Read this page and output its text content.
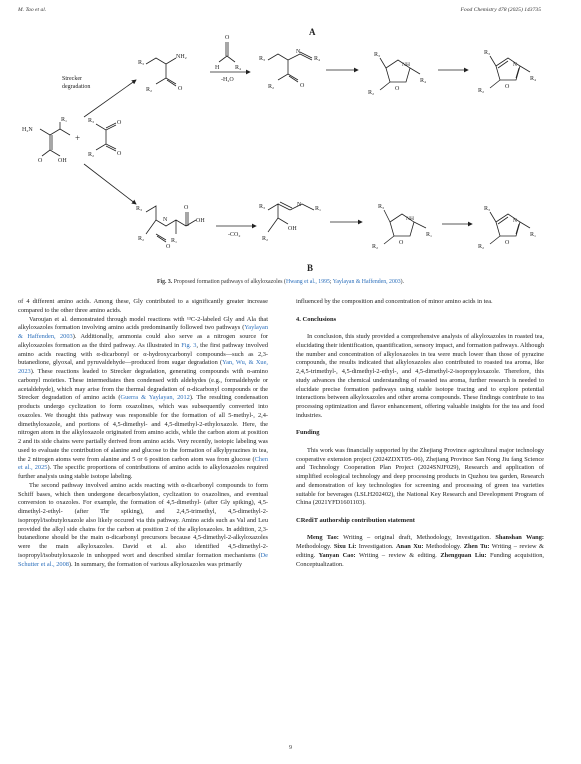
M. Tao et al.	Food Chemistry 478 (2025) 143735
A
H₂N
R₁
OH
O
+
R₃
R₂
O
O
Strecker
degradation
R₃
NH₂
R₂	O
O
H	R₄
-H₂O
R₃
N
R₄
R₂	O
R₃
NH
O
R₂
R₄
R₃
N
O
R₂
R₄
R₃
N	OH
O
R₁
R₂
O
-CO₂
R₃	N
R₁
R₂
OH
R₃
NH
O
R₂
R₁
R₃
N
O
R₂
R₁
B
Fig. 3. Proposed formation pathways of alkyloxazoles (Hwang et al., 1995; Yaylayan & Haffenden, 2003).

of 4 different amino acids. Among these, Gly contributed to a significantly greater increase compared to the other three amino acids.

Varoujan et al. demonstrated through model reactions with ¹³C-2-labeled Gly and Ala that alkyloxazoles formation involving amino acids predominantly followed two pathways (Yaylayan & Haffenden, 2003). Additionally, ammonia could also serve as a nitrogen source for alkyloxazoles formation as the third pathway. As illustrated in Fig. 3, the first pathway involved amino acids reacting with α-dicarbonyl or α-hydroxycarbonyl compounds—such as 2,3-butanedione, glyoxal, and pyruvaldehyde—produced from sugar degradation (Yan, Wu, & Xue, 2023). These reactions leaded to Strecker degradation, generating compounds with α-amino carbonyl moieties. These intermediates then condensed with aldehydes (e.g., formaldehyde or acetaldehyde), which may arise from the thermal degradation of α-dicarbonyl compounds or the Strecker degradation of amino acids (Guerra & Yaylayan, 2012). The resulting condensation products undergo cyclization to form oxazolines, which was subsequently converted into oxazoles. We thought this pathway was responsible for the formation of all 5-methyl-, 2,4-dimethyloxazole, and portions of 4,5-dimethyl- and 4,5-dimethyl-2-ethyloxazole. Here, the nitrogen atom in the alkyloxazole originated from amino acids, while the carbon atom at position 2 and its side chains were partially derived from amino acids. Very recently, isotopic labeling was used to evaluate the contribution of alanine and glucose to the formation of alkylpyrazines in tea, the 2 nitrogen atoms were from alanine and 5 or 6 position carbon atom was from glucose (Chen et al., 2025). The specific proportions of contributions of amino acids to alkyloxazoles required further analysis using stable isotope labeling.

The second pathway involved amino acids reacting with α-dicarbonyl compounds to form Schiff bases, which then undergone decarboxylation, cyclization to oxazolines, and eventual conversion to oxazoles. For example, the formation of 4,5-dimethyl- (after Gly spiking), 4,5-dimethyl-2-ethyl- (after Thr spiking), and 2,4,5-trimethyl, 4,5-dimethyl-2-isopropyl/isobutyloxazole also likely occured via this pathway. Amino acids such as Val and Leu provided the alkyl side chains for the carbon at position 2 of the alkyloxazoles. In addition, 2,3-butanedione should be the main α-dicarbonyl precursors because 4,5-dimethyl-2-alkyloxazoles were the main alkyloxazoles. David et al. also identified 4,5-dimethyl-2-isopropyl/isobutyloxazole in unhopped wort and described similar formation mechanisms (De Schutter et al., 2008). In summary, the formation of various alkyloxazoles was primarily

influenced by the composition and concentration of minor amino acids in tea.

4. Conclusions

In conclusion, this study provided a comprehensive analysis of alkyloxazoles in roasted tea, elucidating their identification, quantification, sensory impact, and formation pathways. Although the number and concentration of alkyloxazoles in tea were much lower than those of pyrazine compounds, the results indicated that alkyloxazoles also contributed to roasted tea aroma, like 2,4,5-trimethyl-, 4,5-dimethyl-2-ethyl-, and 4,5-dimethyl-2-isopropyloxazole. Therefore, this study advances the chemical understanding of roasted tea aroma, further research is needed to elucidate precise formation pathways using stable isotope tracing and to explore potential interactions between alkyloxazoles and other aroma compounds. These findings contribute to tea processing optimization and flavor enhancement, offering valuable insights for the tea and food industries.

Funding

This work was financially supported by the Zhejiang Province agricultural major technology cooperative extension project (2024ZDXT05–06), Zhejiang Province San Nong Jiu fang Science and Technology Cooperation Plan Project (2024SNJF029), Research and application of simplified ecological technology and deep processing products in Quzhou tea garden, Research and demonstration of key technologies for screening and processing of green tea varieties suitable for beverages (LSLH202402), the National Key Research and Development Program of China (2021YFD1601103).

CRediT authorship contribution statement

Meng Tao: Writing – original draft, Methodology, Investigation. Shanshan Wang: Methodology. Sixu Li: Investigation. Anan Xu: Methodology. Zhen Tu: Writing – review & editing. Yanyan Cao: Writing – review & editing. Zhengquan Liu: Funding acquisition, Conceptualization.

9
